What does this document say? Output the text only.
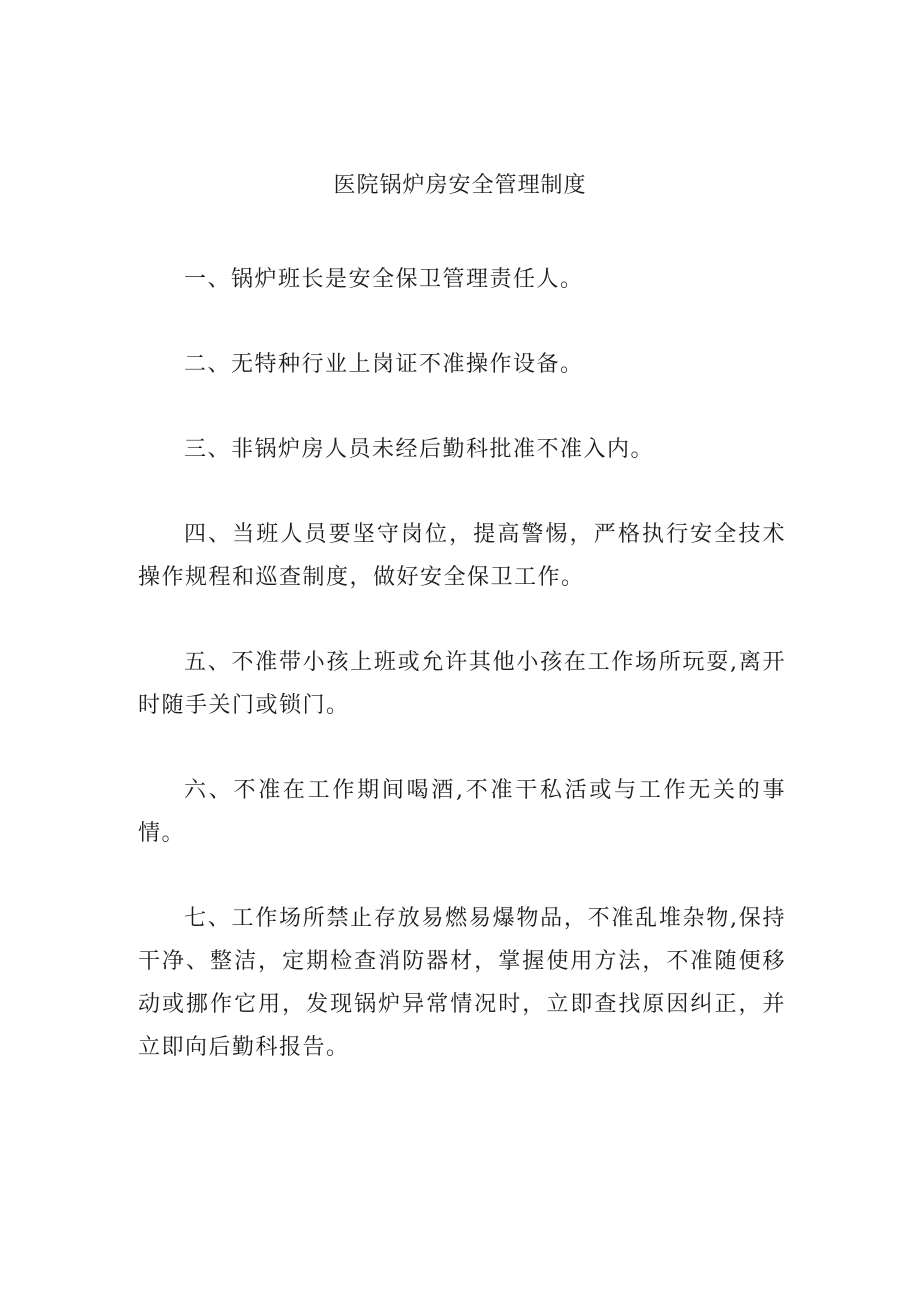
医院锅炉房安全管理制度

一、锅炉班长是安全保卫管理责任人。

二、无特种行业上岗证不准操作设备。

三、非锅炉房人员未经后勤科批准不准入内。

四、当班人员要坚守岗位，提高警惕，严格执行安全技术操作规程和巡查制度，做好安全保卫工作。

五、不准带小孩上班或允许其他小孩在工作场所玩耍,离开时随手关门或锁门。

六、不准在工作期间喝酒,不准干私活或与工作无关的事情。

七、工作场所禁止存放易燃易爆物品，不准乱堆杂物,保持干净、整洁，定期检查消防器材，掌握使用方法，不准随便移动或挪作它用，发现锅炉异常情况时，立即查找原因纠正，并立即向后勤科报告。
